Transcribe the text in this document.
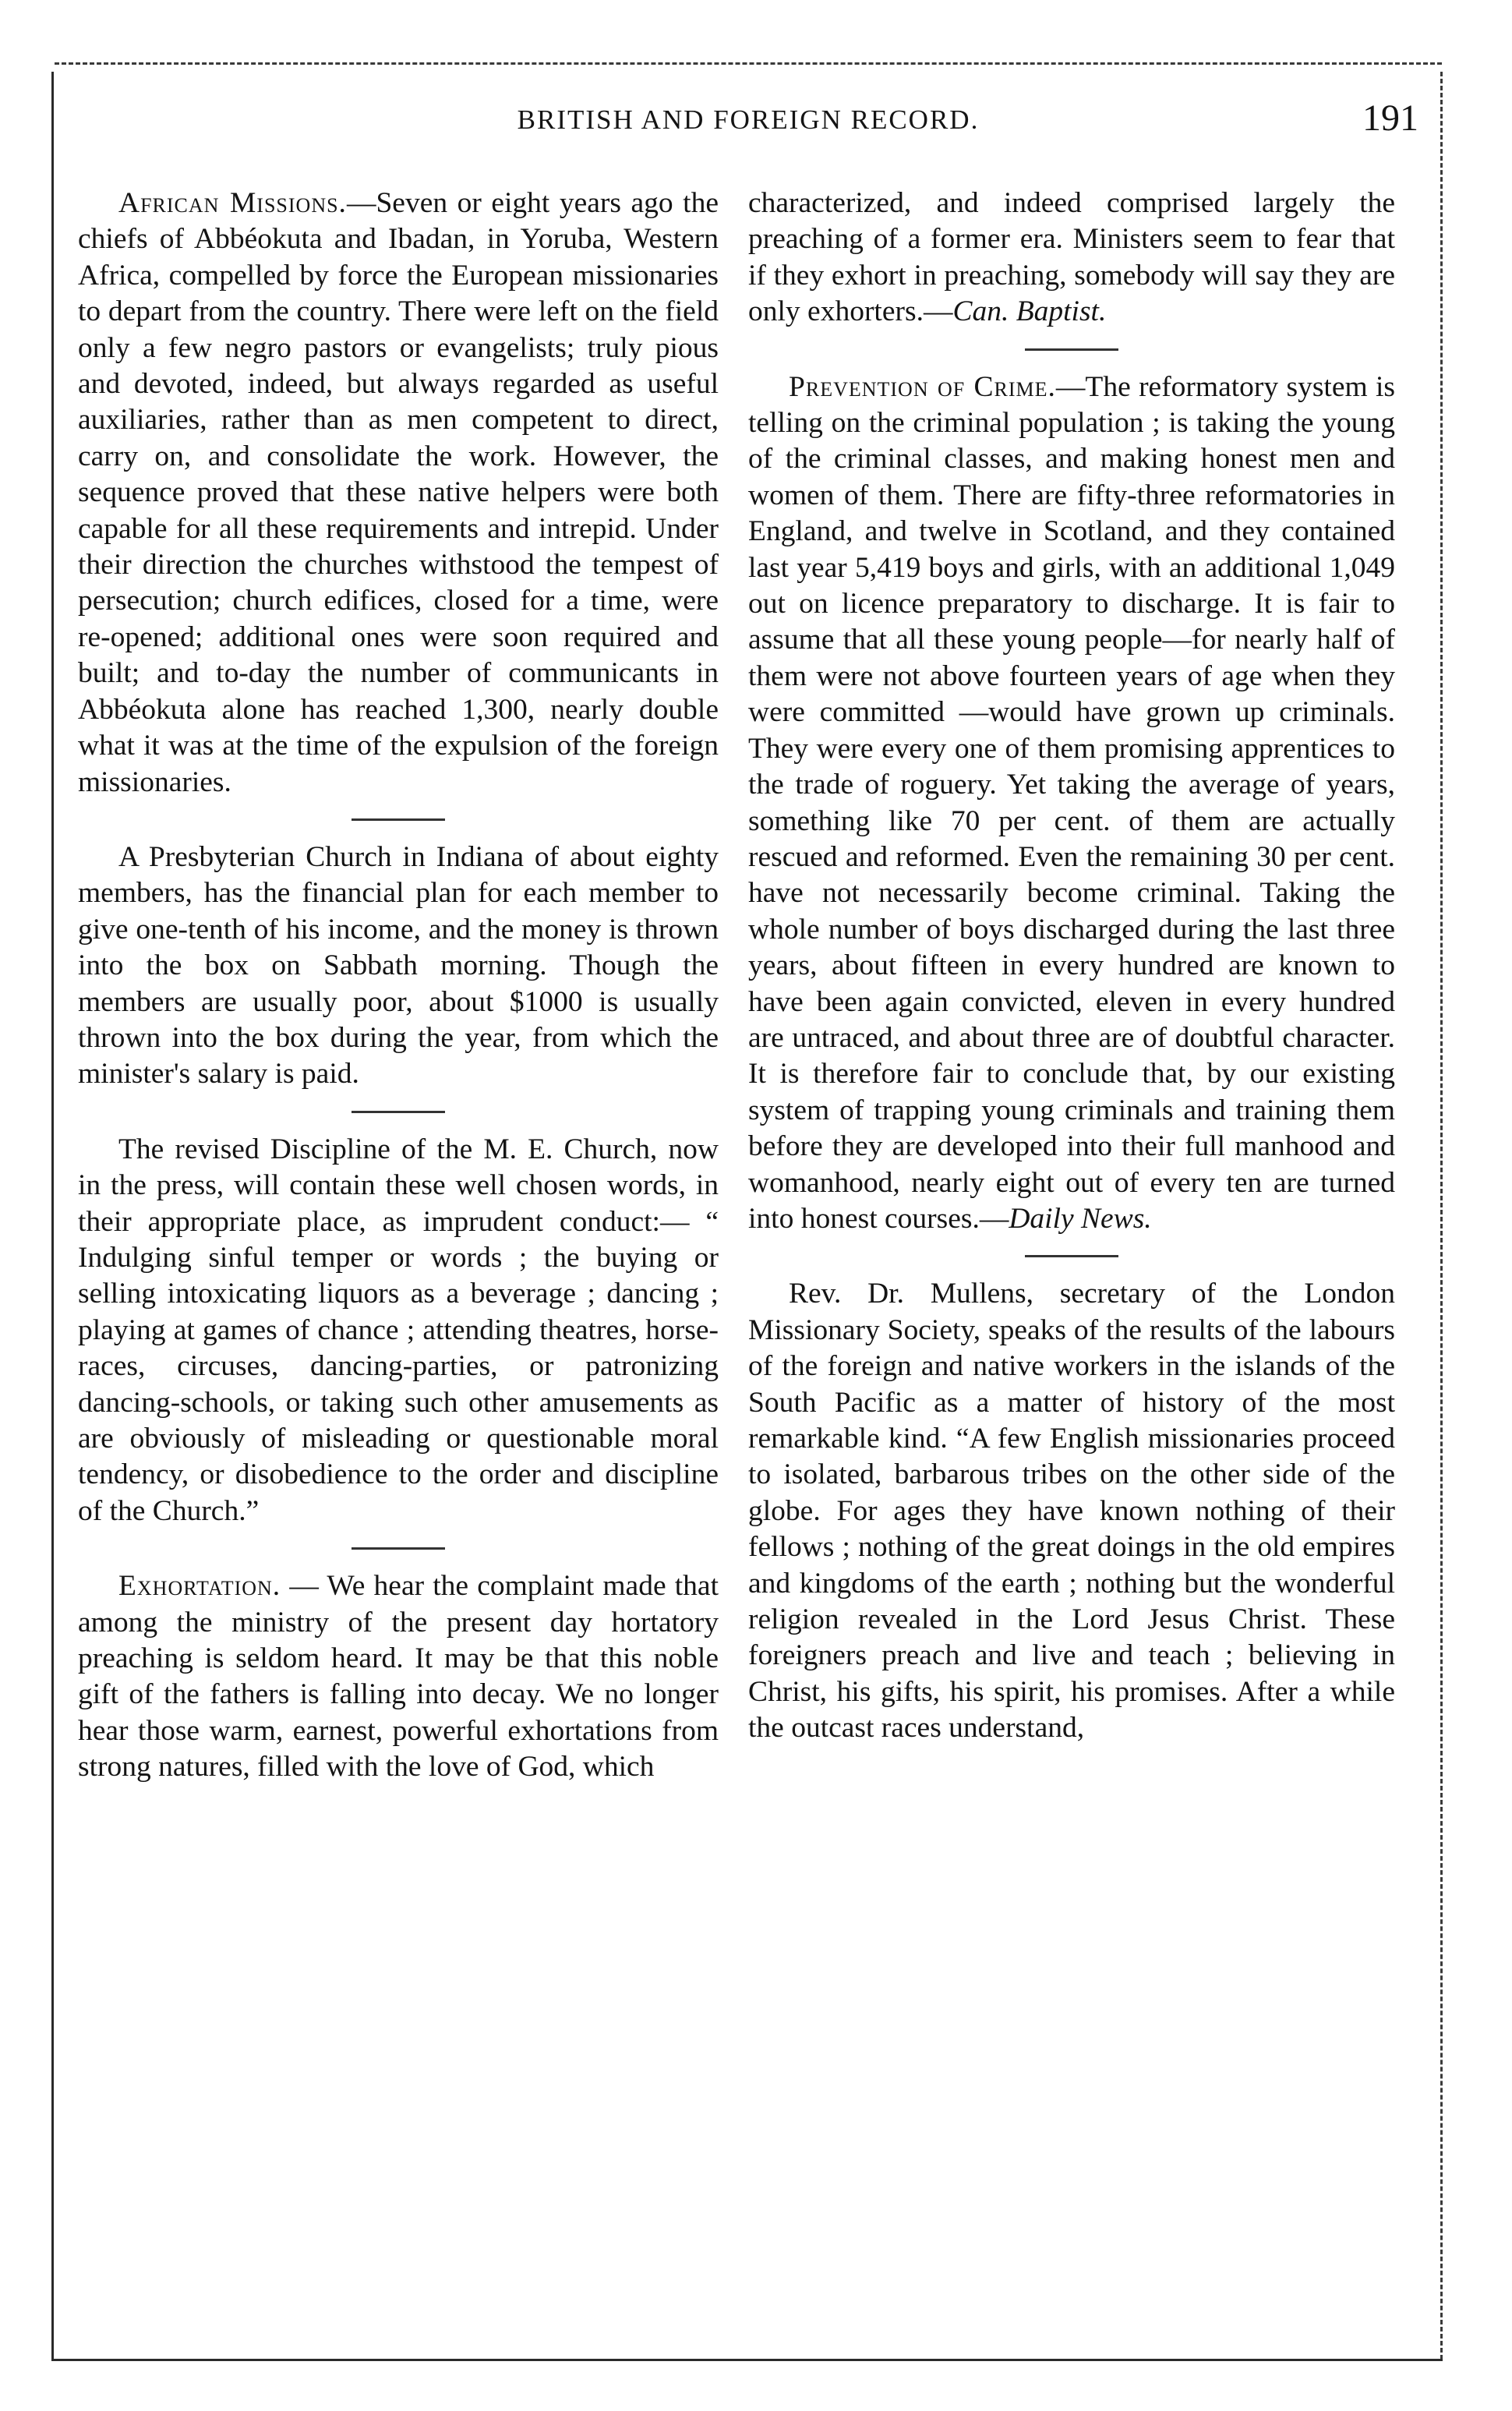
BRITISH AND FOREIGN RECORD.	191

African Missions.—Seven or eight years ago the chiefs of Abbéokuta and Ibadan, in Yoruba, Western Africa, compelled by force the European missionaries to depart from the country. There were left on the field only a few negro pastors or evangelists; truly pious and devoted, indeed, but always regarded as useful auxiliaries, rather than as men competent to direct, carry on, and consolidate the work. However, the sequence proved that these native helpers were both capable for all these requirements and intrepid. Under their direction the churches withstood the tempest of persecution; church edifices, closed for a time, were re-opened; additional ones were soon required and built; and to-day the number of communicants in Abbéokuta alone has reached 1,300, nearly double what it was at the time of the expulsion of the foreign missionaries.

A Presbyterian Church in Indiana of about eighty members, has the financial plan for each member to give one-tenth of his income, and the money is thrown into the box on Sabbath morning. Though the members are usually poor, about $1000 is usually thrown into the box during the year, from which the minister's salary is paid.

The revised Discipline of the M. E. Church, now in the press, will contain these well chosen words, in their appropriate place, as imprudent conduct:— “ Indulging sinful temper or words ; the buying or selling intoxicating liquors as a beverage ; dancing ; playing at games of chance ; attending theatres, horse-races, circuses, dancing-parties, or patronizing dancing-schools, or taking such other amusements as are obviously of misleading or questionable moral tendency, or disobedience to the order and discipline of the Church.”

Exhortation. — We hear the complaint made that among the ministry of the present day hortatory preaching is seldom heard. It may be that this noble gift of the fathers is falling into decay. We no longer hear those warm, earnest, powerful exhortations from strong natures, filled with the love of God, which

characterized, and indeed comprised largely the preaching of a former era. Ministers seem to fear that if they exhort in preaching, somebody will say they are only exhorters.—Can. Baptist.

Prevention of Crime.—The reformatory system is telling on the criminal population ; is taking the young of the criminal classes, and making honest men and women of them. There are fifty-three reformatories in England, and twelve in Scotland, and they contained last year 5,419 boys and girls, with an additional 1,049 out on licence preparatory to discharge. It is fair to assume that all these young people—for nearly half of them were not above fourteen years of age when they were committed —would have grown up criminals. They were every one of them promising apprentices to the trade of roguery. Yet taking the average of years, something like 70 per cent. of them are actually rescued and reformed. Even the remaining 30 per cent. have not necessarily become criminal. Taking the whole number of boys discharged during the last three years, about fifteen in every hundred are known to have been again convicted, eleven in every hundred are untraced, and about three are of doubtful character. It is therefore fair to conclude that, by our existing system of trapping young criminals and training them before they are developed into their full manhood and womanhood, nearly eight out of every ten are turned into honest courses.—Daily News.

Rev. Dr. Mullens, secretary of the London Missionary Society, speaks of the results of the labours of the foreign and native workers in the islands of the South Pacific as a matter of history of the most remarkable kind. “A few English missionaries proceed to isolated, barbarous tribes on the other side of the globe. For ages they have known nothing of their fellows ; nothing of the great doings in the old empires and kingdoms of the earth ; nothing but the wonderful religion revealed in the Lord Jesus Christ. These foreigners preach and live and teach ; believing in Christ, his gifts, his spirit, his promises. After a while the outcast races understand,
